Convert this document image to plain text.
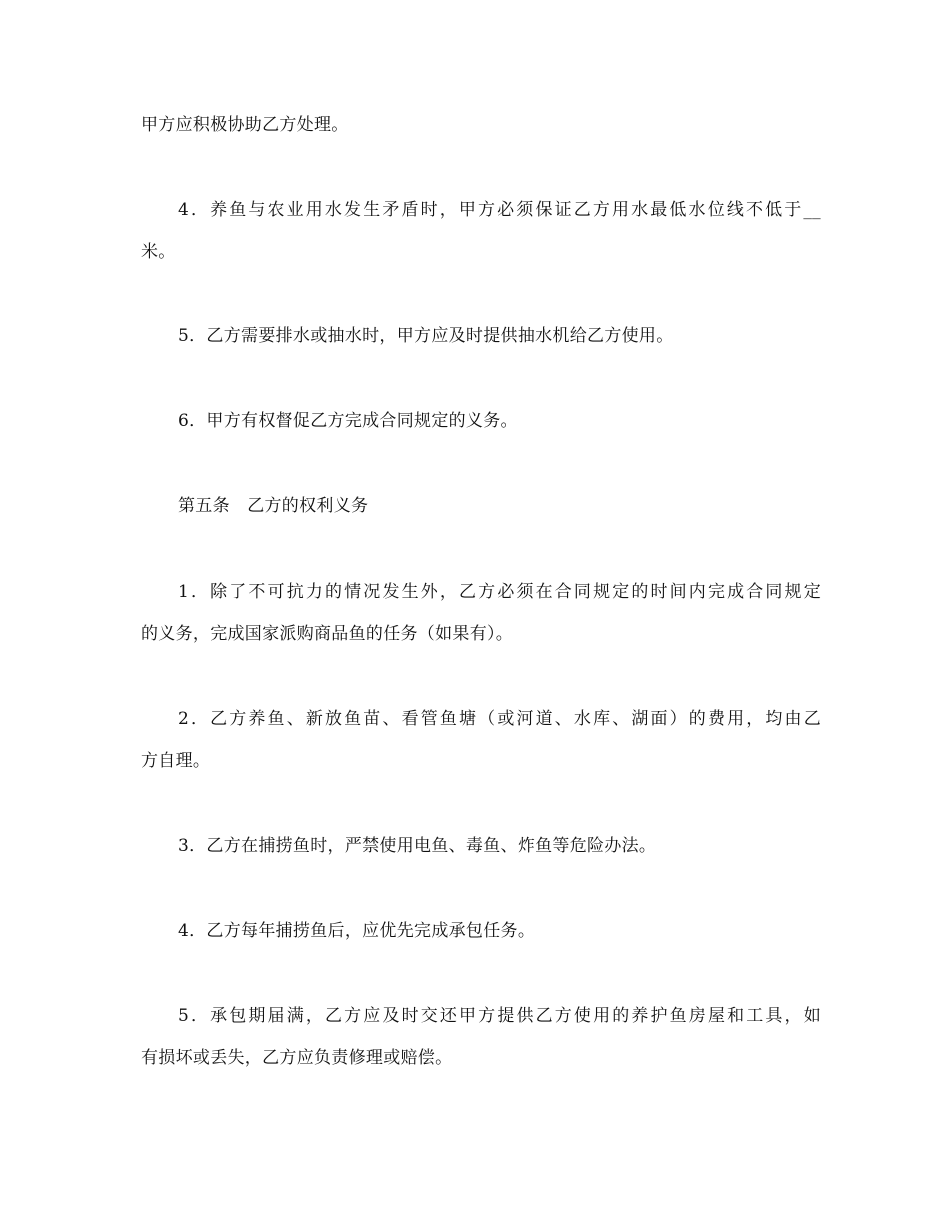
甲方应积极协助乙方处理。
4．养鱼与农业用水发生矛盾时，甲方必须保证乙方用水最低水位线不低于__
米。
5．乙方需要排水或抽水时，甲方应及时提供抽水机给乙方使用。
6．甲方有权督促乙方完成合同规定的义务。
第五条　乙方的权利义务
1．除了不可抗力的情况发生外，乙方必须在合同规定的时间内完成合同规定
的义务，完成国家派购商品鱼的任务（如果有）。
2．乙方养鱼、新放鱼苗、看管鱼塘（或河道、水库、湖面）的费用，均由乙
方自理。
3．乙方在捕捞鱼时，严禁使用电鱼、毒鱼、炸鱼等危险办法。
4．乙方每年捕捞鱼后，应优先完成承包任务。
5．承包期届满，乙方应及时交还甲方提供乙方使用的养护鱼房屋和工具，如
有损坏或丢失，乙方应负责修理或赔偿。
